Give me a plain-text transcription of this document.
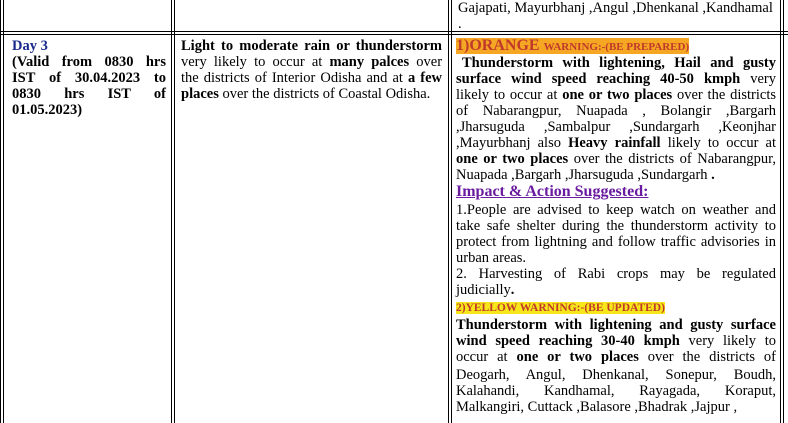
Gajapati, Mayurbhanj ,Angul ,Dhenkanal ,Kandhamal

.

Day 3

(Valid from 0830 hrs

IST of 30.04.2023 to

0830 hrs IST of

01.05.2023)

Light to moderate rain or thunderstorm

very likely to occur at many palces over

the districts of Interior Odisha and at a few

places over the districts of Coastal Odisha.

1)ORANGE WARNING:-(BE PREPARED)

Thunderstorm with lightening, Hail and gusty

surface wind speed reaching 40-50 kmph very

likely to occur at one or two places over the districts

of Nabarangpur, Nuapada , Bolangir ,Bargarh

,Jharsuguda ,Sambalpur ,Sundargarh ,Keonjhar

,Mayurbhanj also Heavy rainfall likely to occur at

one or two places over the districts of Nabarangpur,

Nuapada ,Bargarh ,Jharsuguda ,Sundargarh .

Impact & Action Suggested:

1.People are advised to keep watch on weather and

take safe shelter during the thunderstorm activity to

protect from lightning and follow traffic advisories in

urban areas.

2. Harvesting of Rabi crops may be regulated

judicially.

2)YELLOW WARNING:-(BE UPDATED)

Thunderstorm with lightening and gusty surface

wind speed reaching 30-40 kmph very likely to

occur at one or two places over the districts of

Deogarh, Angul, Dhenkanal, Sonepur, Boudh,

Kalahandi, Kandhamal, Rayagada, Koraput,

Malkangiri, Cuttack ,Balasore ,Bhadrak ,Jajpur ,
